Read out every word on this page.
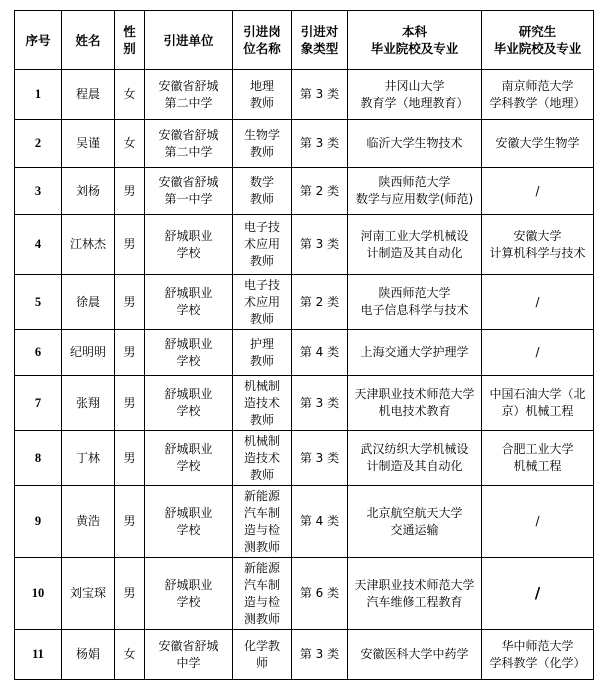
序号	姓名	性
别	引进单位	引进岗
位名称	引进对
象类型	本科
毕业院校及专业	研究生
毕业院校及专业
1	程晨	女	安徽省舒城
第二中学	地理
教师	第 3 类	井冈山大学
教育学（地理教育）	南京师范大学
学科教学（地理）
2	吴谨	女	安徽省舒城
第二中学	生物学
教师	第 3 类	临沂大学生物技术	安徽大学生物学
3	刘杨	男	安徽省舒城
第一中学	数学
教师	第 2 类	陕西师范大学
数学与应用数学(师范)	/
4	江林杰	男	舒城职业
学校	电子技
术应用
教师	第 3 类	河南工业大学机械设
计制造及其自动化	安徽大学
计算机科学与技术
5	徐晨	男	舒城职业
学校	电子技
术应用
教师	第 2 类	陕西师范大学
电子信息科学与技术	/
6	纪明明	男	舒城职业
学校	护理
教师	第 4 类	上海交通大学护理学	/
7	张翔	男	舒城职业
学校	机械制
造技术
教师	第 3 类	天津职业技术师范大学
机电技术教育	中国石油大学（北
京）机械工程
8	丁林	男	舒城职业
学校	机械制
造技术
教师	第 3 类	武汉纺织大学机械设
计制造及其自动化	合肥工业大学
机械工程
9	黄浩	男	舒城职业
学校	新能源
汽车制
造与检
测教师	第 4 类	北京航空航天大学
交通运输	/
10	刘宝琛	男	舒城职业
学校	新能源
汽车制
造与检
测教师	第 6 类	天津职业技术师范大学
汽车维修工程教育	/
11	杨娟	女	安徽省舒城
中学	化学教
师	第 3 类	安徽医科大学中药学	华中师范大学
学科教学（化学）
